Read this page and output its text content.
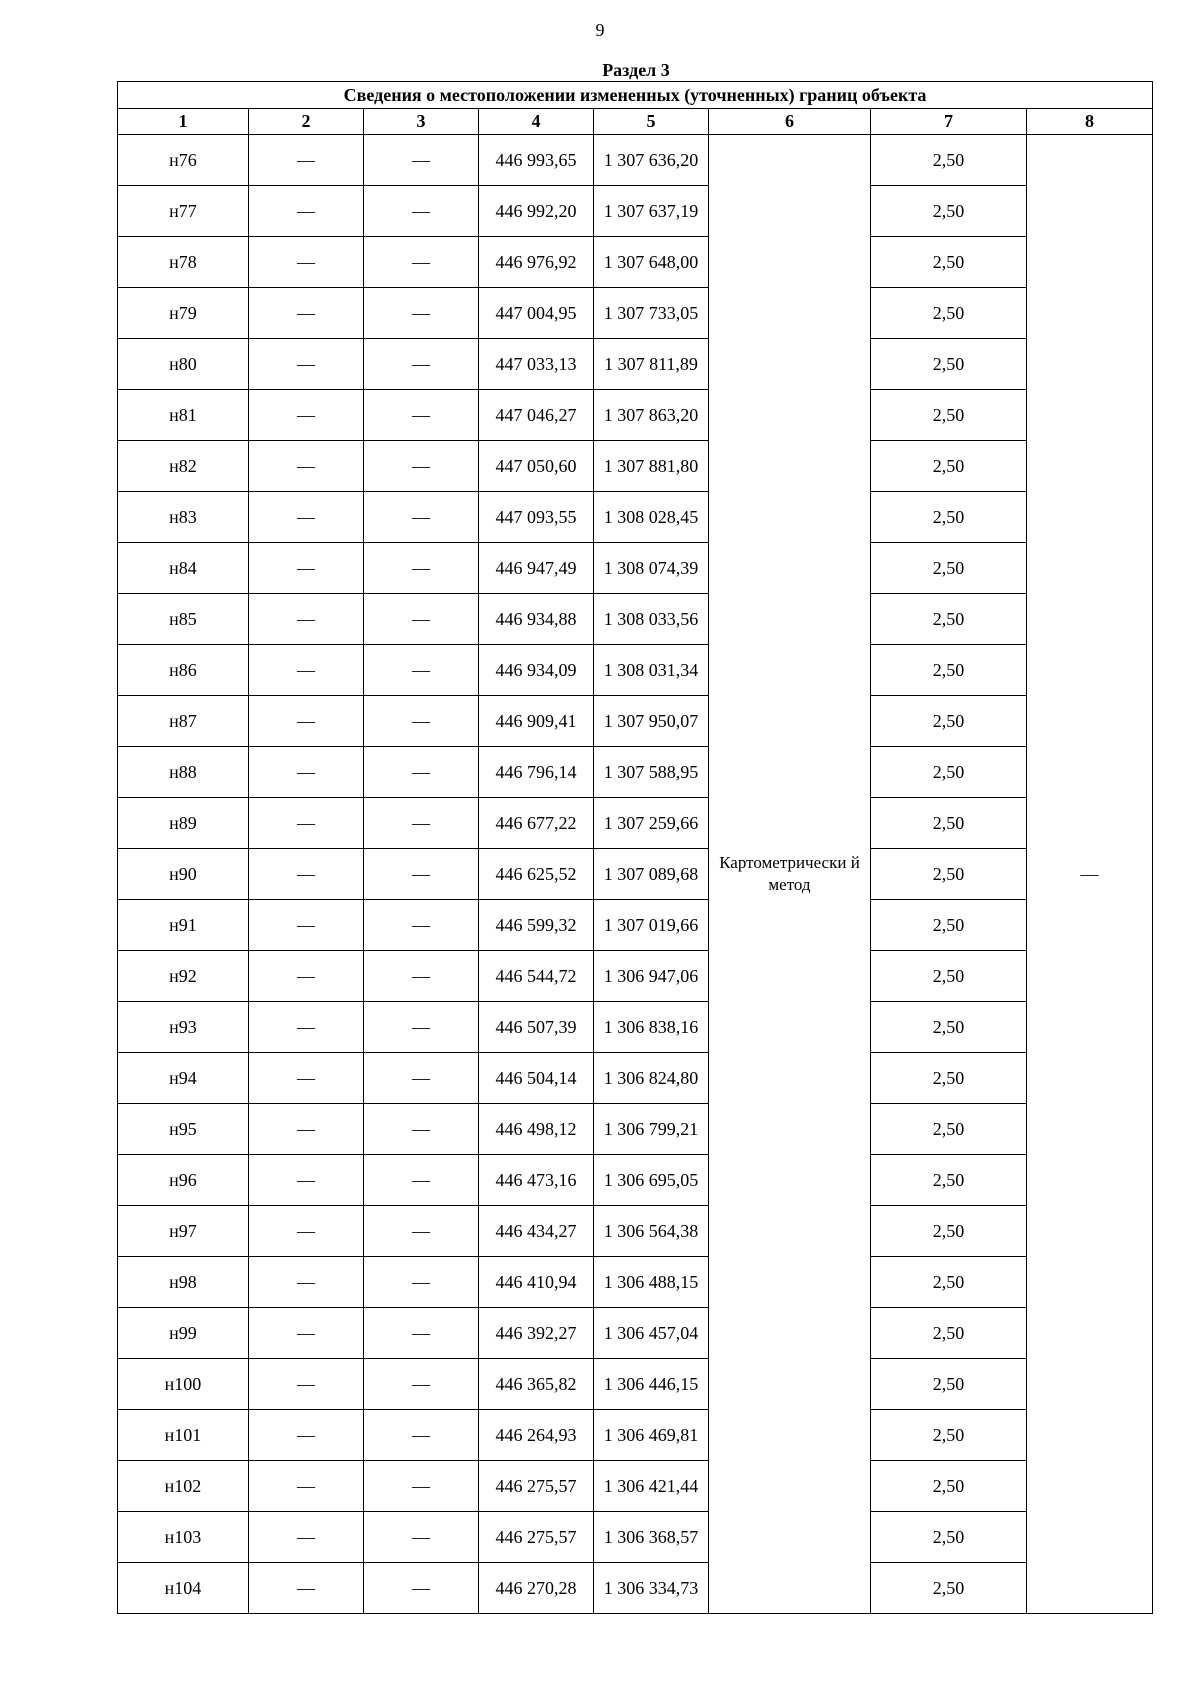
9
Раздел 3
Сведения о местоположении измененных (уточненных) границ объекта							
1	2	3	4	5	6	7	8
н76	—	—	446 993,65	1 307 636,20	Картометрически й метод	2,50	—
н77	—	—	446 992,20	1 307 637,19		2,50	
н78	—	—	446 976,92	1 307 648,00		2,50	
н79	—	—	447 004,95	1 307 733,05		2,50	
н80	—	—	447 033,13	1 307 811,89		2,50	
н81	—	—	447 046,27	1 307 863,20		2,50	
н82	—	—	447 050,60	1 307 881,80		2,50	
н83	—	—	447 093,55	1 308 028,45		2,50	
н84	—	—	446 947,49	1 308 074,39		2,50	
н85	—	—	446 934,88	1 308 033,56		2,50	
н86	—	—	446 934,09	1 308 031,34		2,50	
н87	—	—	446 909,41	1 307 950,07		2,50	
н88	—	—	446 796,14	1 307 588,95		2,50	
н89	—	—	446 677,22	1 307 259,66		2,50	
н90	—	—	446 625,52	1 307 089,68		2,50	
н91	—	—	446 599,32	1 307 019,66		2,50	
н92	—	—	446 544,72	1 306 947,06		2,50	
н93	—	—	446 507,39	1 306 838,16		2,50	
н94	—	—	446 504,14	1 306 824,80		2,50	
н95	—	—	446 498,12	1 306 799,21		2,50	
н96	—	—	446 473,16	1 306 695,05		2,50	
н97	—	—	446 434,27	1 306 564,38		2,50	
н98	—	—	446 410,94	1 306 488,15		2,50	
н99	—	—	446 392,27	1 306 457,04		2,50	
н100	—	—	446 365,82	1 306 446,15		2,50	
н101	—	—	446 264,93	1 306 469,81		2,50	
н102	—	—	446 275,57	1 306 421,44		2,50	
н103	—	—	446 275,57	1 306 368,57		2,50	
н104	—	—	446 270,28	1 306 334,73		2,50	
